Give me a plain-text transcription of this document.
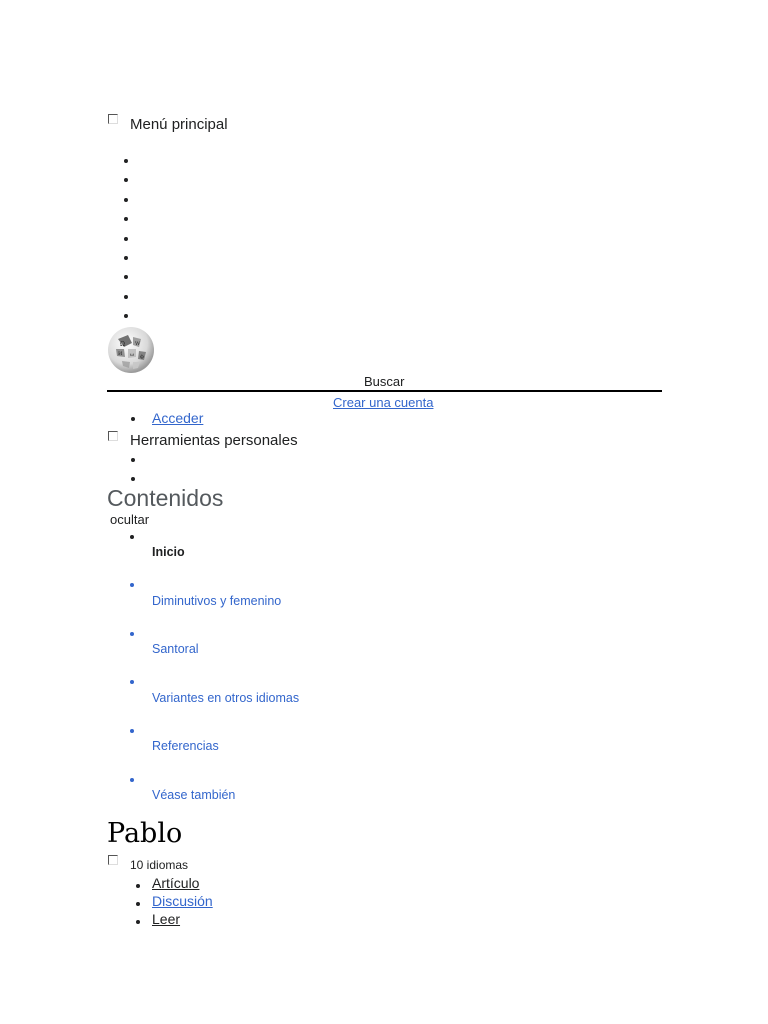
Menú principal
Ω W
И ω ф
Buscar
Crear una cuenta
Acceder
Herramientas personales
Contenidos
ocultar
Inicio
Diminutivos y femenino
Santoral
Variantes en otros idiomas
Referencias
Véase también
Pablo
10 idiomas
Artículo
Discusión
Leer
